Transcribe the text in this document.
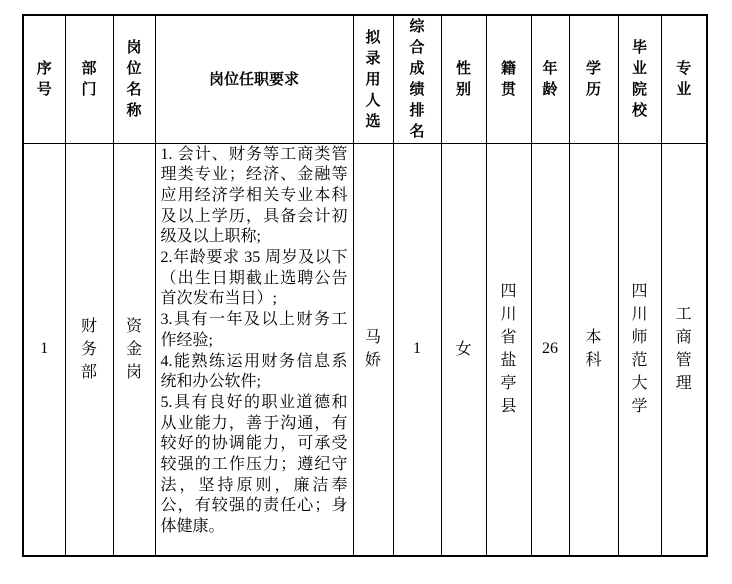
序号	部门	岗位名称	岗位任职要求	拟录用人选	综合成绩排名	性别	籍贯	年龄	学历	毕业院校	专业

1	财务部	资金岗	1. 会计、财务等工商类管理类专业；经济、金融等应用经济学相关专业本科及以上学历，具备会计初级及以上职称;

2.年龄要求 35 周岁及以下（出生日期截止选聘公告首次发布当日）;

3.具有一年及以上财务工作经验;

4.能熟练运用财务信息系统和办公软件;

5.具有良好的职业道德和从业能力，善于沟通，有较好的协调能力，可承受较强的工作压力；遵纪守法，坚持原则，廉洁奉公，有较强的责任心；身体健康。	马娇	1	女	四川省盐亭县	26	本科	四川师范大学	工商管理
